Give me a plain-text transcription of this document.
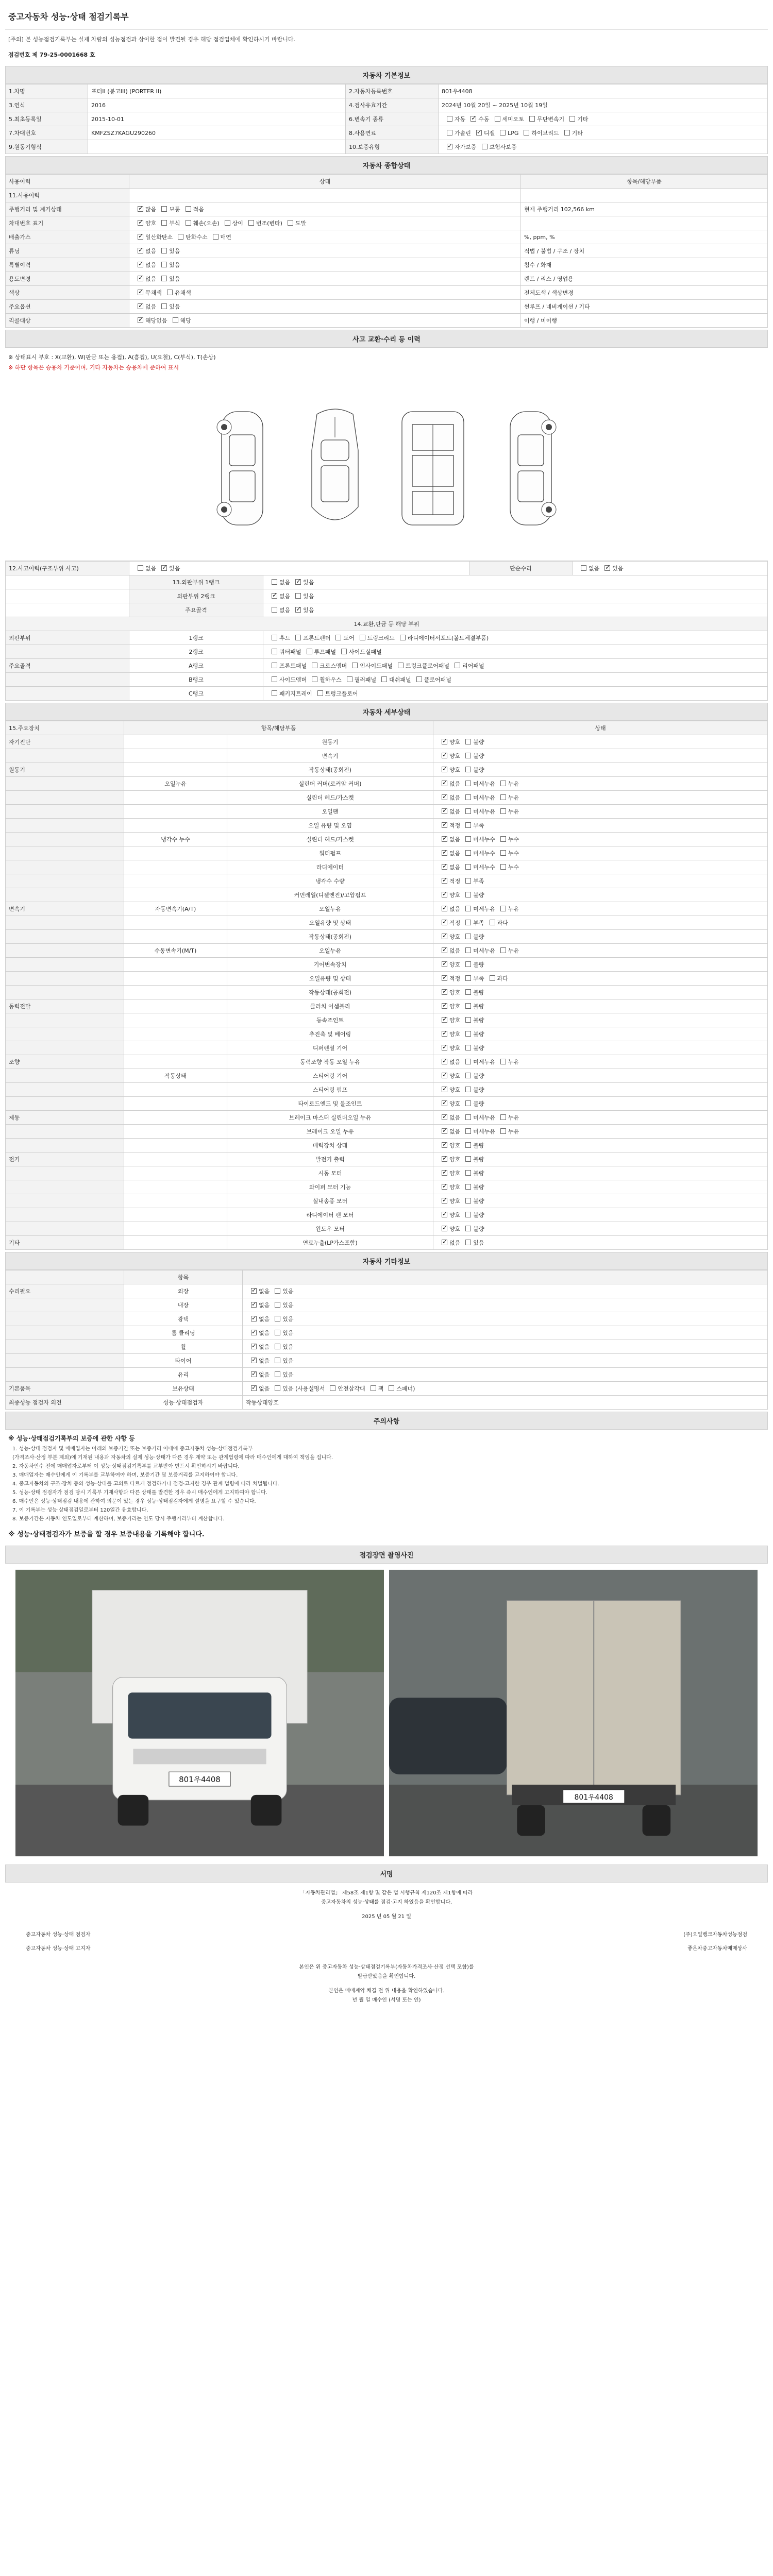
중고자동차 성능·상태 점검기록부
[주의] 본 성능점검기록부는 실제 차량의 성능점검과 상이한 점이 발견될 경우 해당 점검업체에 확인하시기 바랍니다.
점검번호 제 79-25-0001668 호
자동차 기본정보
1.차명	포터II (봉고III) (PORTER II)	2.자동차등록번호	801우4408
3.연식	2016	4.검사유효기간	2024년 10월 20일 ~ 2025년 10월 19일
5.최초등록일	2015-10-01	6.변속기 종류	자동 ✓ 수동 세미오토 무단변속기 기타
7.차대번호	KMFZSZ7KAGU290260	8.사용연료	가솔린 ✓ 디젤 LPG 하이브리드 기타
9.원동기형식		10.보증유형	✓자가보증 보험사보증
자동차 종합상태
사용이력	상태	항목/해당부품
11.사용이력		
주행거리 및 계기상태	✓많음 보통 적음	현재 주행거리 102,566 km
차대번호 표기	✓양호 부식 훼손(오손) 상이 변조(변타) 도말	
배출가스	✓일산화탄소 탄화수소 매연	%, ppm, %
튜닝	✓없음 있음	적법 / 불법 / 구조 / 장치
특별이력	✓없음 있음	침수 / 화재
용도변경	✓없음 있음	렌트 / 리스 / 영업용
색상	✓무채색 유채색	전체도색 / 색상변경
주요옵션	✓없음 있음	썬루프 / 네비게이션 / 기타
리콜대상	✓해당없음 해당	이행 / 미이행
사고 교환·수리 등 이력
※ 상태표시 부호 : X(교환), W(판금 또는 용접), A(흠집), U(요철), C(부식), T(손상)
※ 하단 항목은 승용차 기준이며, 기타 자동차는 승용차에 준하여 표시
12.사고이력(구조부위 사고)	없음 ✓ 있음		단순수리	없음 ✓ 있음
	13.외판부위 1랭크	없음 ✓ 있음
	외판부위 2랭크	✓없음 있음
	주요골격	없음 ✓ 있음
14.교환,판금 등 해당 부위				
외판부위	1랭크	후드 프론트펜더 도어 트렁크리드 라디에이터서포트(볼트체결부품)		
	2랭크	쿼터패널 루프패널 사이드실패널		
주요골격	A랭크	프론트패널 크로스멤버 인사이드패널 트렁크플로어패널 리어패널		
	B랭크	사이드멤버 휠하우스 필러패널 대쉬패널 플로어패널		
	C랭크	패키지트레이 트렁크플로어		
자동차 세부상태
15.주요장치	항목/해당부품		상태
자기진단		원동기	✓양호 불량
		변속기	✓양호 불량
원동기		작동상태(공회전)	✓양호 불량
	오일누유	실린더 커버(로커암 커버)	✓없음 미세누유 누유
		실린더 헤드/가스켓	✓없음 미세누유 누유
		오일팬	✓없음 미세누유 누유
		오일 유량 및 오염	✓적정 부족
	냉각수 누수	실린더 헤드/가스켓	✓없음 미세누수 누수
		워터펌프	✓없음 미세누수 누수
		라디에이터	✓없음 미세누수 누수
		냉각수 수량	✓적정 부족
		커먼레일(디젤엔진)/고압펌프	✓양호 불량
변속기	자동변속기(A/T)	오일누유	✓없음 미세누유 누유
		오일유량 및 상태	✓적정 부족 과다
		작동상태(공회전)	✓양호 불량
	수동변속기(M/T)	오일누유	✓없음 미세누유 누유
		기어변속장치	✓양호 불량
		오일유량 및 상태	✓적정 부족 과다
		작동상태(공회전)	✓양호 불량
동력전달		클러치 어셈블리	✓양호 불량
		등속조인트	✓양호 불량
		추진축 및 베어링	✓양호 불량
		디퍼렌셜 기어	✓양호 불량
조향		동력조향 작동 오일 누유	✓없음 미세누유 누유
	작동상태	스티어링 기어	✓양호 불량
		스티어링 펌프	✓양호 불량
		타이로드엔드 및 볼조인트	✓양호 불량
제동		브레이크 마스터 실린더오일 누유	✓없음 미세누유 누유
		브레이크 오일 누유	✓없음 미세누유 누유
		배력장치 상태	✓양호 불량
전기		발전기 출력	✓양호 불량
		시동 모터	✓양호 불량
		와이퍼 모터 기능	✓양호 불량
		실내송풍 모터	✓양호 불량
		라디에이터 팬 모터	✓양호 불량
		윈도우 모터	✓양호 불량
기타		연료누출(LP가스포함)	✓없음 있음
자동차 기타정보
	항목	
수리필요	외장	✓없음 있음
	내장	✓없음 있음
	광택	✓없음 있음
	룸 클리닝	✓없음 있음
	휠	✓없음 있음
	타이어	✓없음 있음
	유리	✓없음 있음
기본품목	보유상태	✓없음 있음 (사용설명서 안전삼각대 잭 스패너)
최종성능 점검자 의견	성능·상태점검자	작동상태양호
주의사항
※ 성능·상태점검기록부의 보증에 관한 사항 등

1. 성능·상태 점검자 및 매매업자는 아래의 보증기간 또는 보증거리 이내에 중고자동차 성능·상태점검기록부

(가격조사·산정 부분 제외)에 기재된 내용과 자동차의 실제 성능·상태가 다른 경우 계약 또는 관계법령에 따라 매수인에게 대하여 책임을 집니다.

2. 자동차인수 전에 매매업자로부터 이 성능·상태점검기록부를 교부받아 반드시 확인하시기 바랍니다.

3. 매매업자는 매수인에게 이 기록부를 교부하여야 하며, 보증기간 및 보증거리를 고지하여야 합니다.

4. 중고자동차의 구조·장치 등의 성능·상태를 고의로 다르게 점검하거나 점검·고지한 경우 관계 법령에 따라 처벌됩니다.

5. 성능·상태 점검자가 점검 당시 기록부 기재사항과 다른 상태를 발견한 경우 즉시 매수인에게 고지하여야 합니다.

6. 매수인은 성능·상태점검 내용에 관하여 의문이 있는 경우 성능·상태점검자에게 설명을 요구할 수 있습니다.

7. 이 기록부는 성능·상태점검일로부터 120일간 유효합니다.

8. 보증기간은 자동차 인도일로부터 계산하며, 보증거리는 인도 당시 주행거리부터 계산합니다.

※ 성능·상태점검자가 보증을 할 경우 보증내용을 기록해야 합니다.
점검장면 촬영사진
801우4408
801우4408
서명

「자동차관리법」 제58조 제1항 및 같은 법 시행규칙 제120조 제1항에 따라

중고자동차의 성능·상태를 점검·고지 하였음을 확인합니다.

2025 년 05 월 21 일

중고자동차 성능·상태 점검자	(주)오일뱅크자동차성능점검
중고자동차 성능·상태 고지자	좋은차중고자동차매매상사

본인은 위 중고자동차 성능·상태점검기록부(자동차가격조사·산정 선택 포함)를

발급받았음을 확인합니다.

본인은 매매계약 체결 전 위 내용을 확인하였습니다.

년 월 일 매수인 (서명 또는 인)
